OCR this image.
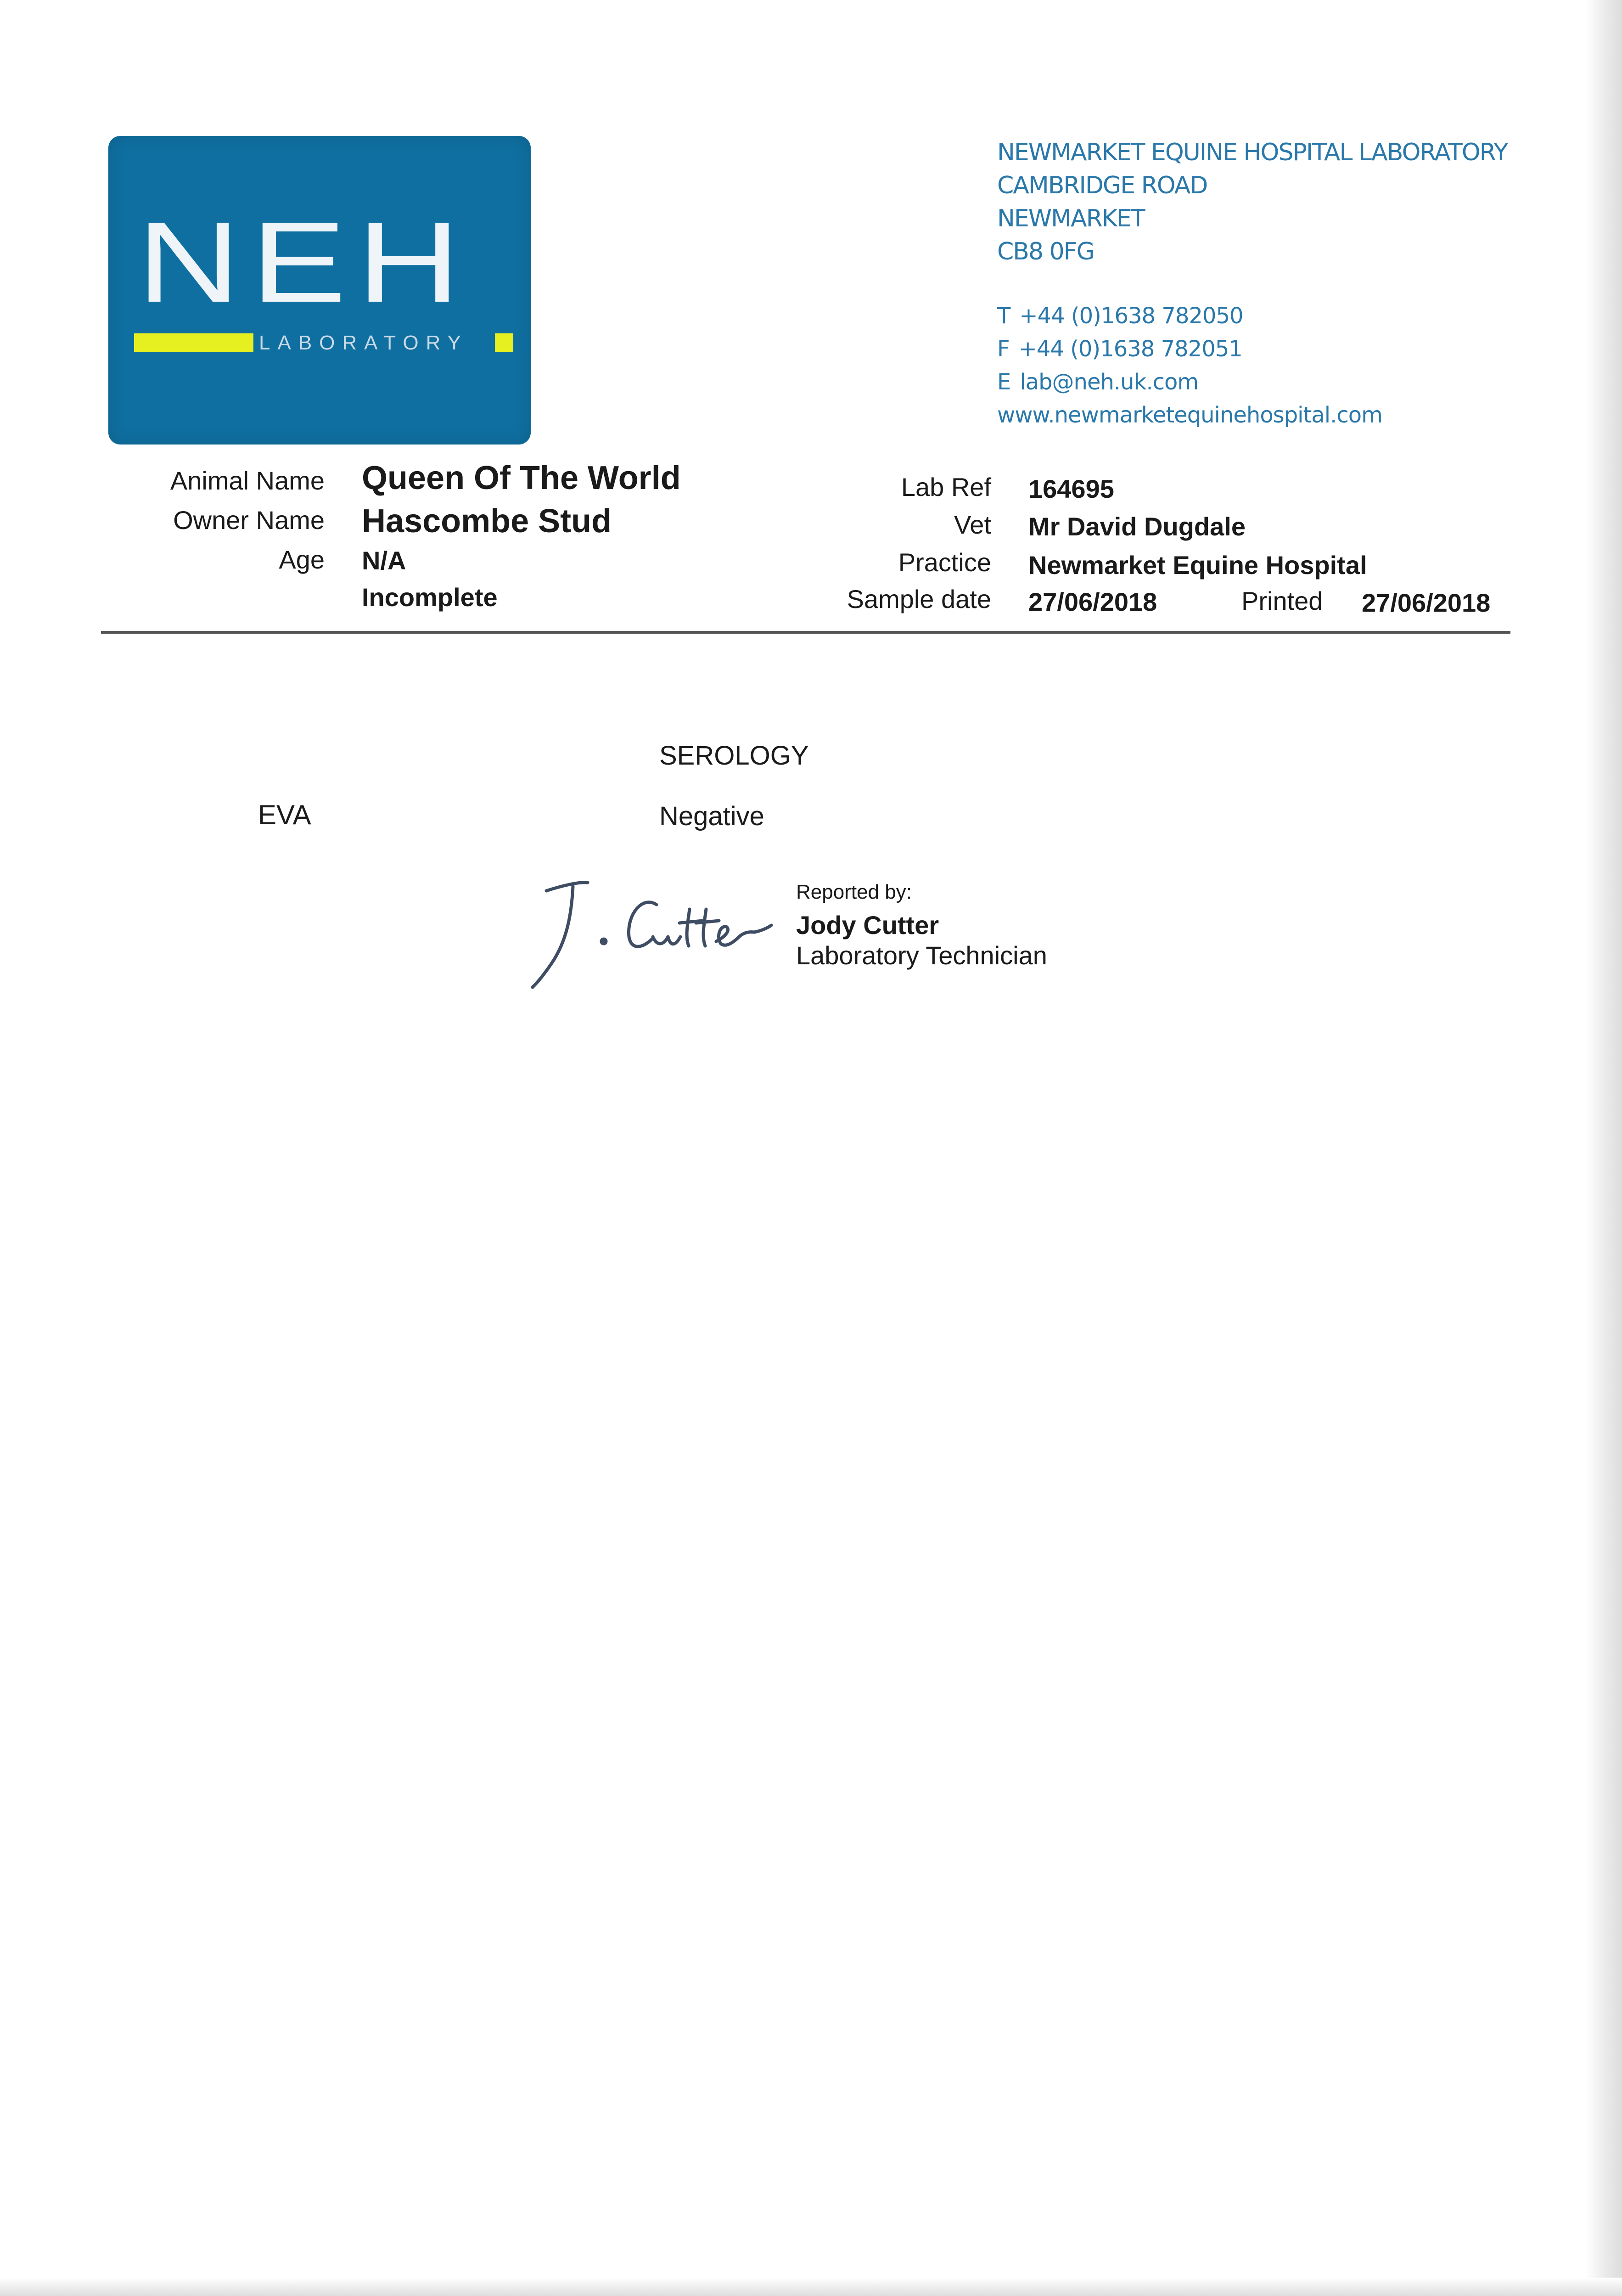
NEH
LABORATORY
NEWMARKET EQUINE HOSPITAL LABORATORY
CAMBRIDGE ROAD
NEWMARKET
CB8 0FG
T +44 (0)1638 782050
F +44 (0)1638 782051
E lab@neh.uk.com
www.newmarketequinehospital.com
Animal Name Queen Of The World
Owner Name Hascombe Stud
Age N/A
Incomplete
Lab Ref 164695
Vet Mr David Dugdale
Practice Newmarket Equine Hospital
Sample date 27/06/2018	Printed 27/06/2018
SEROLOGY
EVA	Negative
Reported by:
Jody Cutter
Laboratory Technician
